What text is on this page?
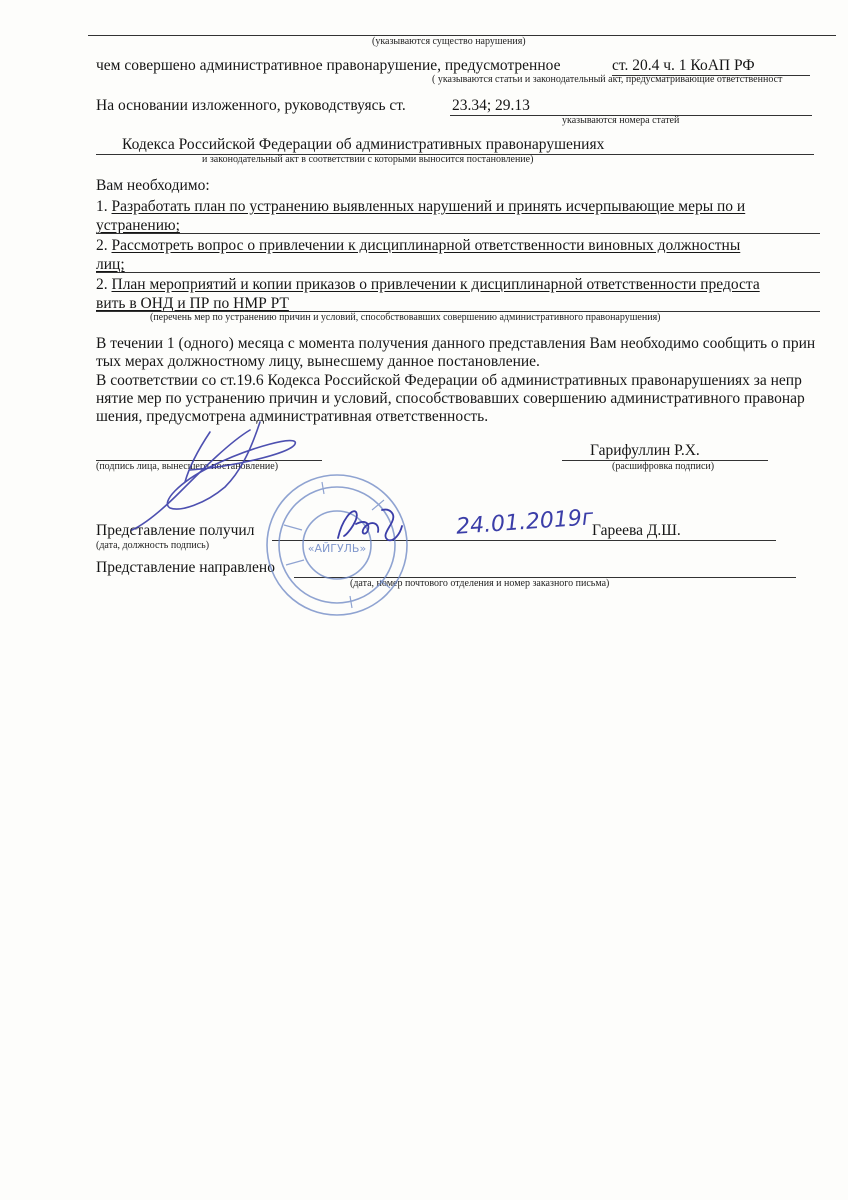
(указываются существо нарушения)
чем совершено административное правонарушение, предусмотренное	ст. 20.4 ч. 1 КоАП РФ
( указываются статьи и законодательный акт, предусматривающие ответственност
На основании изложенного, руководствуясь ст.	23.34; 29.13
указываются номера статей
Кодекса Российской Федерации об административных правонарушениях
и законодательный акт в соответствии с которыми выносится постановление)
Вам необходимо:
1. Разработать план по устранению выявленных нарушений и принять исчерпывающие меры по и
устранению;
2. Рассмотреть вопрос о привлечении к дисциплинарной ответственности виновных должностны
лиц;
2. План мероприятий и копии приказов о привлечении к дисциплинарной ответственности предоста
вить в ОНД и ПР по НМР РТ
(перечень мер по устранению причин и условий, способствовавших совершению административного правонарушения)
В течении 1 (одного) месяца с момента получения данного представления Вам необходимо сообщить о прин
тых мерах должностному лицу, вынесшему данное постановление.
В соответствии со ст.19.6 Кодекса Российской Федерации об административных правонарушениях за непр
нятие мер по устранению причин и условий, способствовавших совершению административного правонар
шения, предусмотрена административная ответственность.
(подпись лица, вынесшего постановление)
Гарифуллин Р.Х.
(расшифровка подписи)
Представление получил
(дата, должность подпись)
Гареева Д.Ш.
24.01.2019г
Представление направлено
(дата, номер почтового отделения и номер заказного письма)
«АЙГУЛЬ»
